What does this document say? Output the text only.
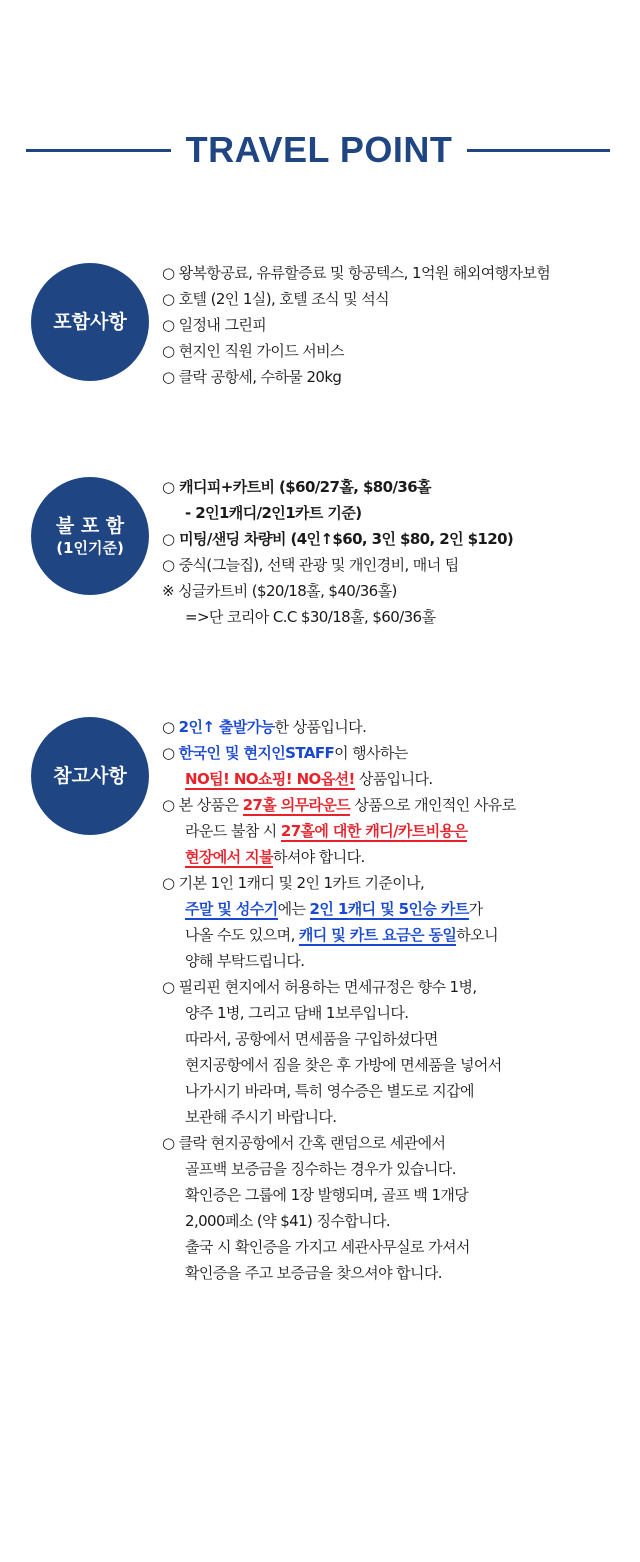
TRAVEL POINT
포함사항
○ 왕복항공료, 유류할증료 및 항공텍스, 1억원 해외여행자보험
○ 호텔 (2인 1실), 호텔 조식 및 석식
○ 일정내 그린피
○ 현지인 직원 가이드 서비스
○ 클락 공항세, 수하물 20kg
불 포 함
(1인기준)
○ 캐디피+카트비 ($60/27홀, $80/36홀
- 2인1캐디/2인1카트 기준)
○ 미팅/샌딩 차량비 (4인↑$60, 3인 $80, 2인 $120)
○ 중식(그늘집), 선택 관광 및 개인경비, 매너 팁
※ 싱글카트비 ($20/18홀, $40/36홀)
=>단 코리아 C.C $30/18홀, $60/36홀
참고사항
○ 2인↑ 출발가능한 상품입니다.
○ 한국인 및 현지인STAFF이 행사하는
NO팁! NO쇼핑! NO옵션! 상품입니다.
○ 본 상품은 27홀 의무라운드 상품으로 개인적인 사유로
라운드 불참 시 27홀에 대한 캐디/카트비용은
현장에서 지불하셔야 합니다.
○ 기본 1인 1캐디 및 2인 1카트 기준이나,
주말 및 성수기에는 2인 1캐디 및 5인승 카트가
나올 수도 있으며, 캐디 및 카트 요금은 동일하오니
양해 부탁드립니다.
○ 필리핀 현지에서 허용하는 면세규정은 향수 1병,
양주 1병, 그리고 담배 1보루입니다.
따라서, 공항에서 면세품을 구입하셨다면
현지공항에서 짐을 찾은 후 가방에 면세품을 넣어서
나가시기 바라며, 특히 영수증은 별도로 지갑에
보관해 주시기 바랍니다.
○ 클락 현지공항에서 간혹 랜덤으로 세관에서
골프백 보증금을 징수하는 경우가 있습니다.
확인증은 그룹에 1장 발행되며, 골프 백 1개당
2,000페소 (약 $41) 징수합니다.
출국 시 확인증을 가지고 세관사무실로 가셔서
확인증을 주고 보증금을 찾으셔야 합니다.
